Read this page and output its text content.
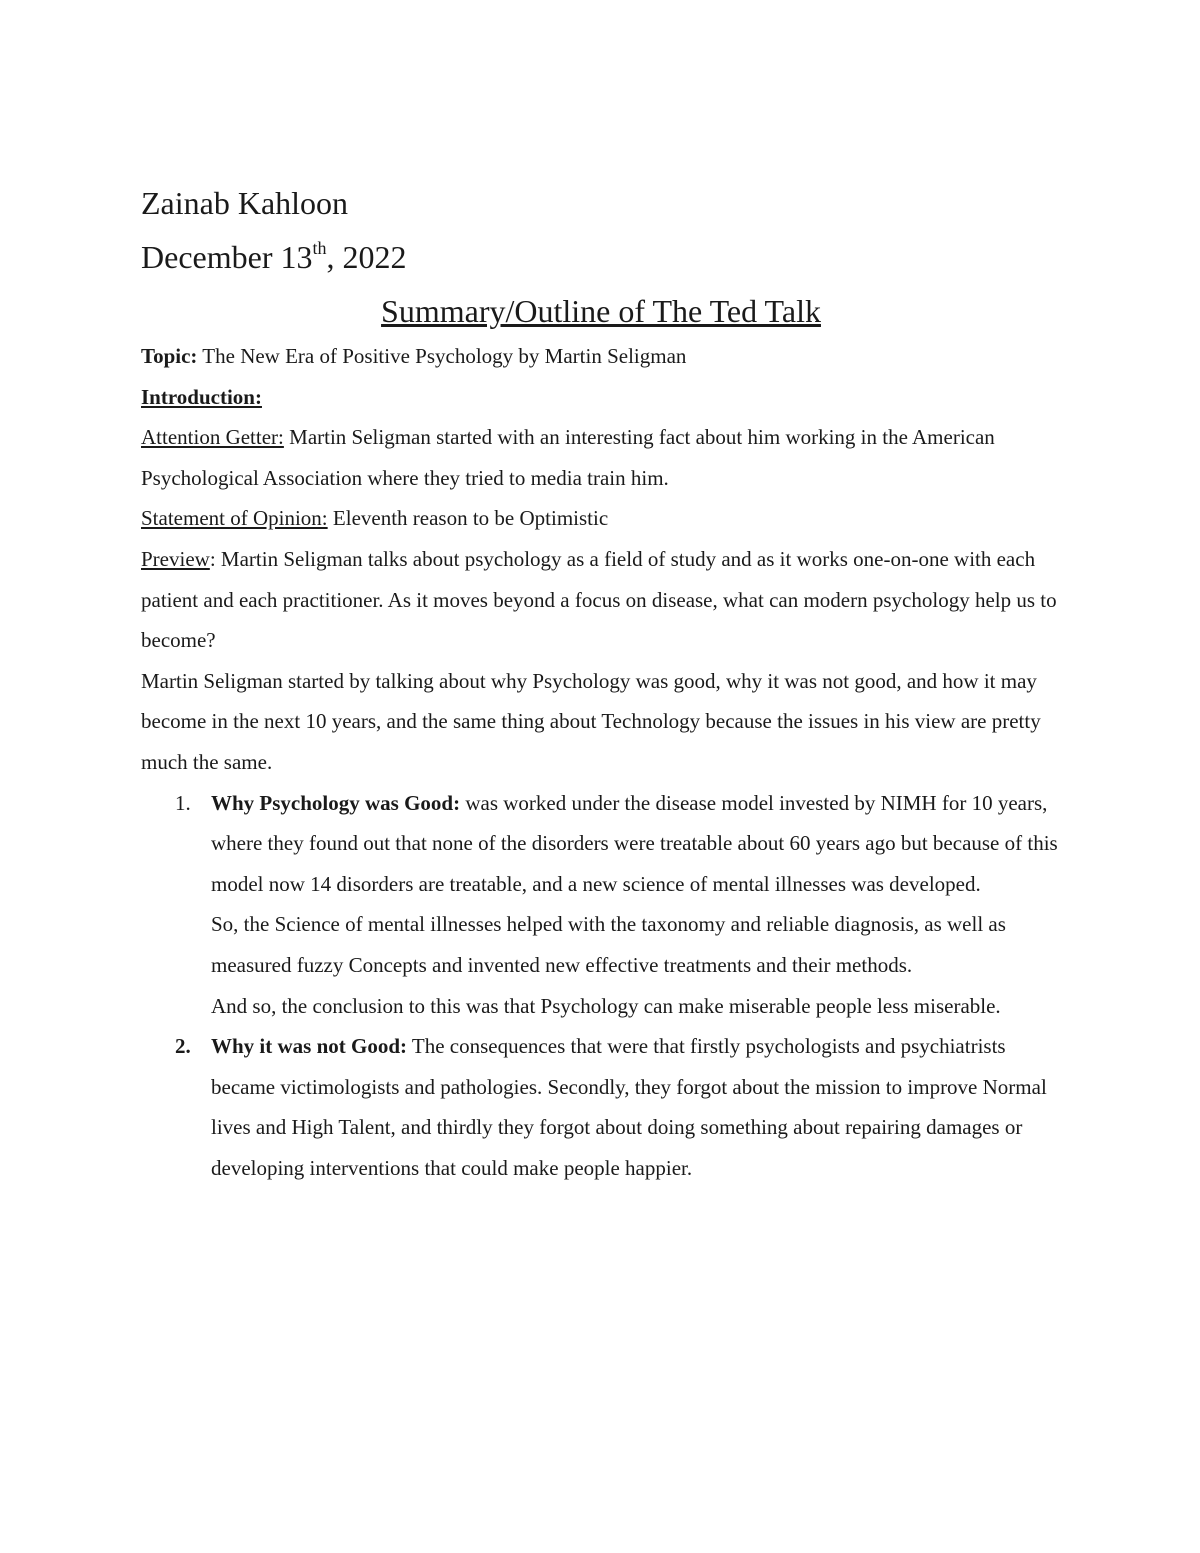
Zainab Kahloon

December 13th, 2022

Summary/Outline of The Ted Talk

Topic: The New Era of Positive Psychology by Martin Seligman

Introduction:

Attention Getter: Martin Seligman started with an interesting fact about him working in the American Psychological Association where they tried to media train him.

Statement of Opinion: Eleventh reason to be Optimistic

Preview: Martin Seligman talks about psychology as a field of study and as it works one-on-one with each patient and each practitioner. As it moves beyond a focus on disease, what can modern psychology help us to become?

Martin Seligman started by talking about why Psychology was good, why it was not good, and how it may become in the next 10 years, and the same thing about Technology because the issues in his view are pretty much the same.

1. Why Psychology was Good: was worked under the disease model invested by NIMH for 10 years, where they found out that none of the disorders were treatable about 60 years ago but because of this model now 14 disorders are treatable, and a new science of mental illnesses was developed.

So, the Science of mental illnesses helped with the taxonomy and reliable diagnosis, as well as measured fuzzy Concepts and invented new effective treatments and their methods.

And so, the conclusion to this was that Psychology can make miserable people less miserable.

2. Why it was not Good: The consequences that were that firstly psychologists and psychiatrists became victimologists and pathologies. Secondly, they forgot about the mission to improve Normal lives and High Talent, and thirdly they forgot about doing something about repairing damages or developing interventions that could make people happier.
